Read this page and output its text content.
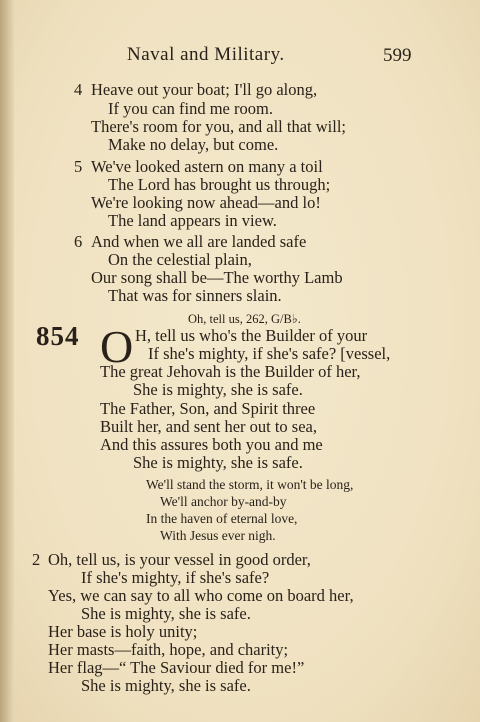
Naval and Military.	599
4 Heave out your boat; I'll go along,
If you can find me room.
There's room for you, and all that will;
Make no delay, but come.
5 We've looked astern on many a toil
The Lord has brought us through;
We're looking now ahead—and lo!
The land appears in view.
6 And when we all are landed safe
On the celestial plain,
Our song shall be—The worthy Lamb
That was for sinners slain.
Oh, tell us, 262, G/B♭.
854 O H, tell us who's the Builder of your
If she's mighty, if she's safe? [vessel,
The great Jehovah is the Builder of her,
She is mighty, she is safe.
The Father, Son, and Spirit three
Built her, and sent her out to sea,
And this assures both you and me
She is mighty, she is safe.
We'll stand the storm, it won't be long,
We'll anchor by-and-by
In the haven of eternal love,
With Jesus ever nigh.
2 Oh, tell us, is your vessel in good order,
If she's mighty, if she's safe?
Yes, we can say to all who come on board her,
She is mighty, she is safe.
Her base is holy unity;
Her masts—faith, hope, and charity;
Her flag—“ The Saviour died for me!”
She is mighty, she is safe.
